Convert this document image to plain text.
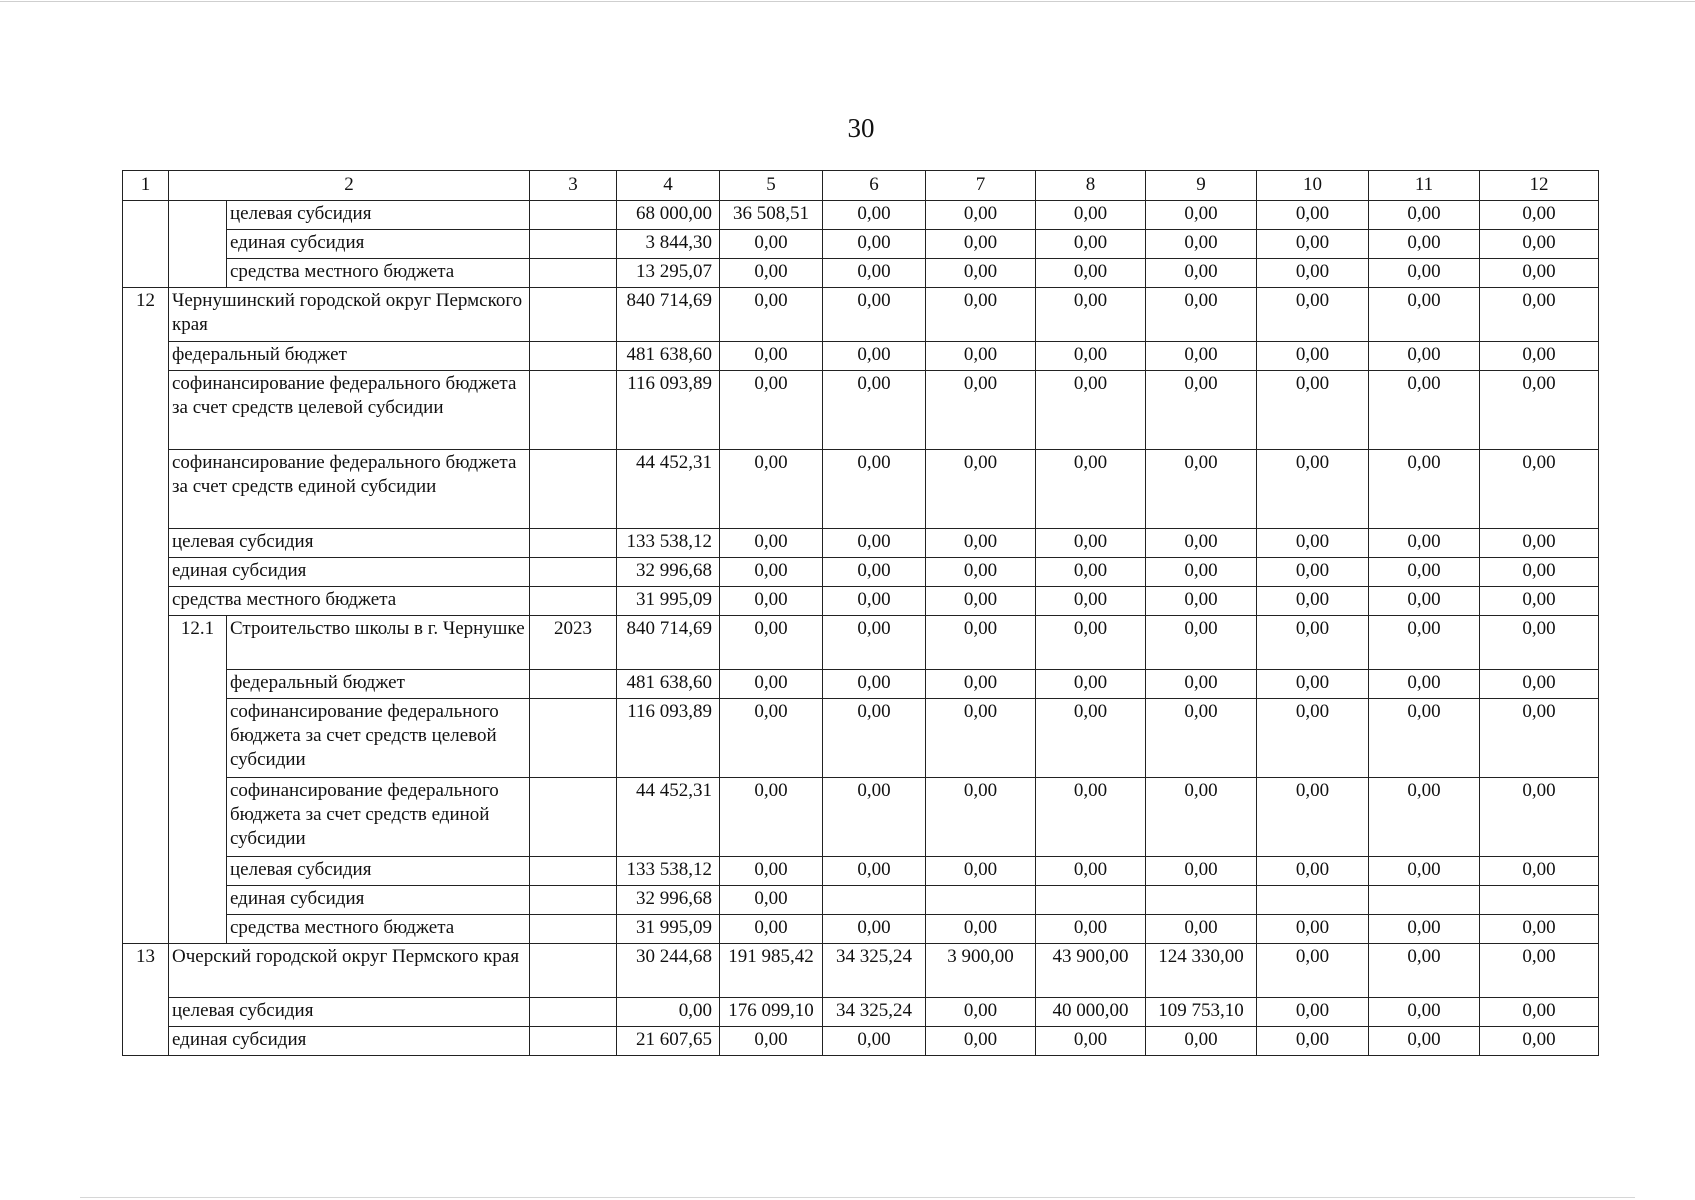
30
1	2		3	4	5	6	7	8	9	10	11	12
		целевая субсидия		68 000,00	36 508,51	0,00	0,00	0,00	0,00	0,00	0,00	0,00
		единая субсидия		3 844,30	0,00	0,00	0,00	0,00	0,00	0,00	0,00	0,00
		средства местного бюджета		13 295,07	0,00	0,00	0,00	0,00	0,00	0,00	0,00	0,00
12	Чернушинский городской округ Пермского края			840 714,69	0,00	0,00	0,00	0,00	0,00	0,00	0,00	0,00
	федеральный бюджет			481 638,60	0,00	0,00	0,00	0,00	0,00	0,00	0,00	0,00
	софинансирование федерального бюджета за счет средств целевой субсидии			116 093,89	0,00	0,00	0,00	0,00	0,00	0,00	0,00	0,00
	софинансирование федерального бюджета за счет средств единой субсидии			44 452,31	0,00	0,00	0,00	0,00	0,00	0,00	0,00	0,00
	целевая субсидия			133 538,12	0,00	0,00	0,00	0,00	0,00	0,00	0,00	0,00
	единая субсидия			32 996,68	0,00	0,00	0,00	0,00	0,00	0,00	0,00	0,00
	средства местного бюджета			31 995,09	0,00	0,00	0,00	0,00	0,00	0,00	0,00	0,00
	12.1	Строительство школы в г. Чернушке	2023	840 714,69	0,00	0,00	0,00	0,00	0,00	0,00	0,00	0,00
		федеральный бюджет		481 638,60	0,00	0,00	0,00	0,00	0,00	0,00	0,00	0,00
		софинансирование федерального бюджета за счет средств целевой субсидии		116 093,89	0,00	0,00	0,00	0,00	0,00	0,00	0,00	0,00
		софинансирование федерального бюджета за счет средств единой субсидии		44 452,31	0,00	0,00	0,00	0,00	0,00	0,00	0,00	0,00
		целевая субсидия		133 538,12	0,00	0,00	0,00	0,00	0,00	0,00	0,00	0,00
		единая субсидия		32 996,68	0,00							
		средства местного бюджета		31 995,09	0,00	0,00	0,00	0,00	0,00	0,00	0,00	0,00
13	Очерский городской округ Пермского края			30 244,68	191 985,42	34 325,24	3 900,00	43 900,00	124 330,00	0,00	0,00	0,00
	целевая субсидия			0,00	176 099,10	34 325,24	0,00	40 000,00	109 753,10	0,00	0,00	0,00
	единая субсидия			21 607,65	0,00	0,00	0,00	0,00	0,00	0,00	0,00	0,00
